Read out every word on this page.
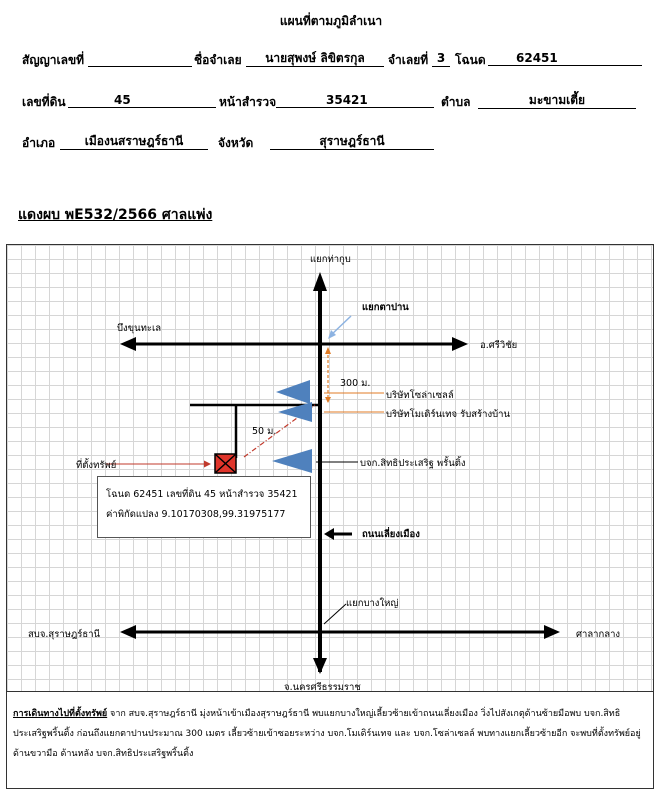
แผนที่ตามภูมิลำเนา
สัญญาเลขที่	ชื่อจำเลย	นายสุพงษ์ ลิขิตรกุล	จำเลยที่ 3 โฉนด	62451
เลขที่ดิน	45	หน้าสำรวจ	35421	ตำบล	มะขามเตี้ย
อำเภอ	เมืองนสราษฎร์ธานี	จังหวัด	สุราษฎร์ธานี
แดงผบ พE532/2566 ศาลแพ่ง
แยกท่ากูบ
แยกตาปาน
บึงขุนทะเล
อ.ศรีวิชัย
300 ม.
บริษัทโซล่าเซลล์
บริษัทโมเดิร์นเทจ รับสร้างบ้าน
50 ม.
ที่ตั้งทรัพย์	บจก.สิทธิประเสริฐ พรั้นติ้ง
ถนนเลี่ยงเมือง
แยกบางใหญ่
สบจ.สุราษฎร์ธานี	ศาลากลาง
จ.นครศรีธรรมราช
โฉนด 62451 เลขที่ดิน 45 หน้าสำรวจ 35421
ค่าพิกัดแปลง 9.10170308,99.31975177
การเดินทางไปที่ตั้งทรัพย์ จาก สบจ.สุราษฎร์ธานี มุ่งหน้าเข้าเมืองสุราษฎร์ธานี พบแยกบางใหญ่เลี้ยวซ้ายเข้าถนนเลี่ยงเมือง วิ่งไปสังเกตุด้านซ้ายมือพบ บจก.สิทธิ
ประเสริฐพริ้นติ้ง ก่อนถึงแยกตาปานประมาณ 300 เมตร เลี้ยวซ้ายเข้าซอยระหว่าง บจก.โมเดิร์นเทจ และ บจก.โซล่าเซลล์ พบทางแยกเลี้ยวซ้ายอีก จะพบที่ตั้งทรัพย์อยู่
ด้านขวามือ ด้านหลัง บจก.สิทธิประเสริฐพริ้นติ้ง
